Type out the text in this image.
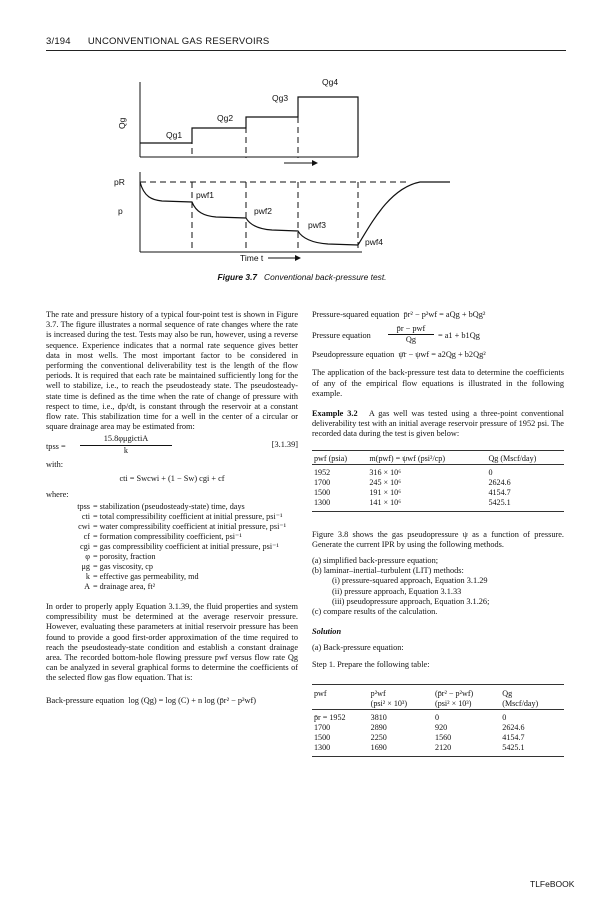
3/194 UNCONVENTIONAL GAS RESERVOIRS
Qg
Qg1
Qg2
Qg3
Qg4
pR
p
pwf1
pwf2
pwf3
pwf4
Time t
Figure 3.7 Conventional back-pressure test.

The rate and pressure history of a typical four-point test is shown in Figure 3.7. The figure illustrates a normal sequence of rate changes where the rate is increased during the test. Tests may also be run, however, using a reverse sequence. Experience indicates that a normal rate sequence gives better data in most wells. The most important factor to be considered in performing the conventional deliverability test is the length of the flow periods. It is required that each rate be maintained sufficiently long for the well to stabilize, i.e., to reach the pseudosteady state. The pseudosteady-state time is defined as the time when the rate of change of pressure with respect to time, i.e., dp/dt, is constant through the reservoir at a constant flow rate. This stabilization time for a well in the center of a circular or square drainage area may be estimated from:

tpss =
15.8φμgictiA
k
[3.1.39]

with:

cti = Swcwi + (1 − Sw) cgi + cf

where:

tpss = stabilization (pseudosteady-state) time, days
cti = total compressibility coefficient at initial pressure, psi⁻¹
cwi = water compressibility coefficient at initial pressure, psi⁻¹
cf = formation compressibility coefficient, psi⁻¹
cgi = gas compressibility coefficient at initial pressure, psi⁻¹
φ = porosity, fraction
μg = gas viscosity, cp
k = effective gas permeability, md
A = drainage area, ft²

In order to properly apply Equation 3.1.39, the fluid properties and system compressibility must be determined at the average reservoir pressure. However, evaluating these parameters at initial reservoir pressure has been found to provide a good first-order approximation of the time required to reach the pseudosteady-state condition and establish a constant drainage area. The recorded bottom-hole flowing pressure pwf versus flow rate Qg can be analyzed in several graphical forms to determine the coefficients of the selected flow gas flow equation. That is:

Back-pressure equation log (Qg) = log (C) + n log (p̄r² − p²wf)

Pressure-squared equation p̄r² − p²wf = aQg + bQg²

Pressure equation
p̄r − pwf
Qg	= a1 + b1Qg

Pseudopressure equation ψ̄r − ψwf = a2Qg + b2Qg²

The application of the back-pressure test data to determine the coefficients of any of the empirical flow equations is illustrated in the following example.

Example 3.2 A gas well was tested using a three-point conventional deliverability test with an initial average reservoir pressure of 1952 psi. The recorded data during the test is given below:

pwf (psia)	m(pwf) = ψwf (psi²/cp)	Qg (Mscf/day)
1952	316 × 10⁶	0
1700	245 × 10⁶	2624.6
1500	191 × 10⁶	4154.7
1300	141 × 10⁶	5425.1

Figure 3.8 shows the gas pseudopressure ψ as a function of pressure. Generate the current IPR by using the following methods.

(a) simplified back-pressure equation;
(b) laminar–inertial–turbulent (LIT) methods:
(i) pressure-squared approach, Equation 3.1.29
(ii) pressure approach, Equation 3.1.33
(iii) pseudopressure approach, Equation 3.1.26;
(c) compare results of the calculation.

Solution

(a) Back-pressure equation:

Step 1. Prepare the following table:

pwf	p²wf	(p̄r² − p²wf)	Qg
	(psi² × 10³)	(psi² × 10³)	(Mscf/day)
p̄r = 1952	3810	0	0
1700	2890	920	2624.6
1500	2250	1560	4154.7
1300	1690	2120	5425.1

TLFeBOOK
